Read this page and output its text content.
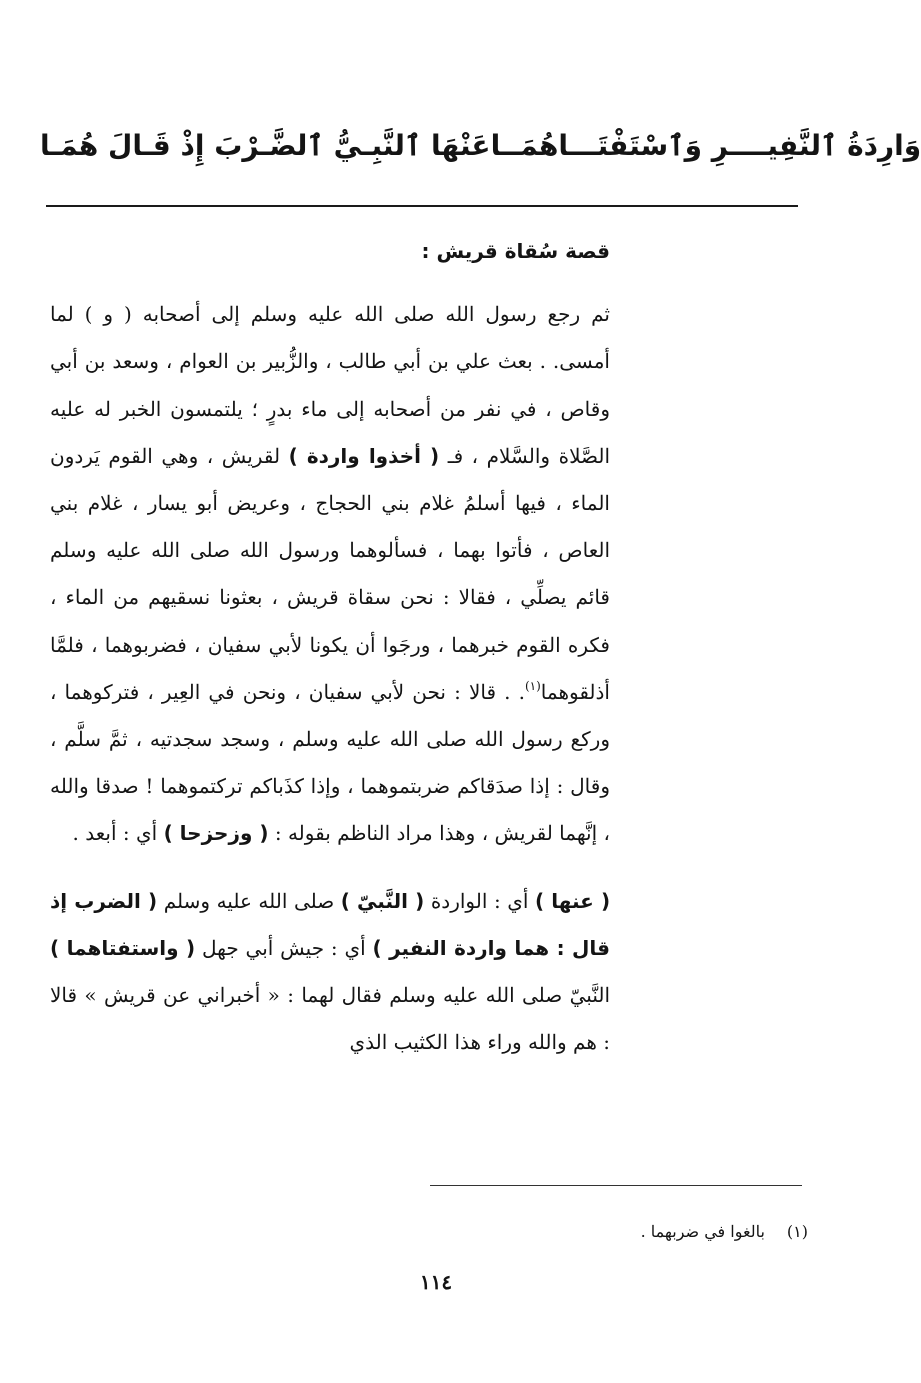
عَنْهَا ٱلنَّبِـيُّ ٱلضَّـرْبَ إِذْ قَـالَ هُمَـا وَارِدَةُ ٱلنَّفِيــــرِ وَٱسْتَفْتَـــاهُمَــا

قصة سُقاة قريش :

ثم رجع رسول الله صلى الله عليه وسلم إلى أصحابه ( و ) لما أمسى. . بعث علي بن أبي طالب ، والزُّبير بن العوام ، وسعد بن أبي وقاص ، في نفر من أصحابه إلى ماء بدرٍ ؛ يلتمسون الخبر له عليه الصَّلاة والسَّلام ، فـ ( أخذوا واردة ) لقريش ، وهي القوم يَردون الماء ، فيها أسلمُ غلام بني الحجاج ، وعريض أبو يسار ، غلام بني العاص ، فأتوا بهما ، فسألوهما ورسول الله صلى الله عليه وسلم قائم يصلِّي ، فقالا : نحن سقاة قريش ، بعثونا نسقيهم من الماء ، فكره القوم خبرهما ، ورجَوا أن يكونا لأبي سفيان ، فضربوهما ، فلمَّا أذلقوهما$^{(١)}$. . قالا : نحن لأبي سفيان ، ونحن في العِير ، فتركوهما ، وركع رسول الله صلى الله عليه وسلم ، وسجد سجدتيه ، ثمَّ سلَّم ، وقال : إذا صدَقاكم ضربتموهما ، وإذا كذَباكم تركتموهما ! صدقا والله ، إنَّهما لقريش ، وهذا مراد الناظم بقوله : ( وزحزحا ) أي : أبعد .

( عنها ) أي : الواردة ( النَّبيّ ) صلى الله عليه وسلم ( الضرب إذ قال : هما واردة النفير ) أي : جيش أبي جهل ( واستفتاهما ) النَّبيّ صلى الله عليه وسلم فقال لهما : « أخبراني عن قريش » قالا : هم والله وراء هذا الكثيب الذي

(١)بالغوا في ضربهما .
١١٤
